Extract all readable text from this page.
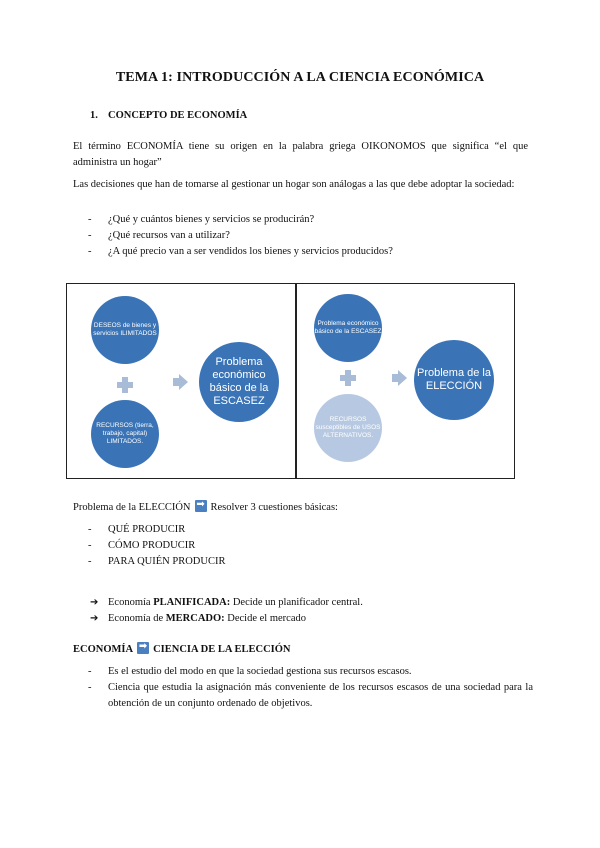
TEMA 1: INTRODUCCIÓN A LA CIENCIA ECONÓMICA
1. CONCEPTO DE ECONOMÍA
El término ECONOMÍA tiene su origen en la palabra griega OIKONOMOS que significa “el que administra un hogar”
Las decisiones que han de tomarse al gestionar un hogar son análogas a las que debe adoptar la sociedad:
- ¿Qué y cuántos bienes y servicios se producirán?
- ¿Qué recursos van a utilizar?
- ¿A qué precio van a ser vendidos los bienes y servicios producidos?
DESEOS de bienes y servicios ILIMITADOS
RECURSOS (tierra, trabajo, capital) LIMITADOS.
Problema económico básico de la ESCASEZ
Problema económico básico de la ESCASEZ
RECURSOS susceptibles de USOS ALTERNATIVOS.
Problema de la ELECCIÓN
Problema de la ELECCIÓN ➡ Resolver 3 cuestiones básicas:
- QUÉ PRODUCIR
- CÓMO PRODUCIR
- PARA QUIÉN PRODUCIR
➔ Economía PLANIFICADA: Decide un planificador central.
➔ Economía de MERCADO: Decide el mercado
ECONOMÍA ➡ CIENCIA DE LA ELECCIÓN
- Es el estudio del modo en que la sociedad gestiona sus recursos escasos.
- Ciencia que estudia la asignación más conveniente de los recursos escasos de una sociedad para la obtención de un conjunto ordenado de objetivos.
